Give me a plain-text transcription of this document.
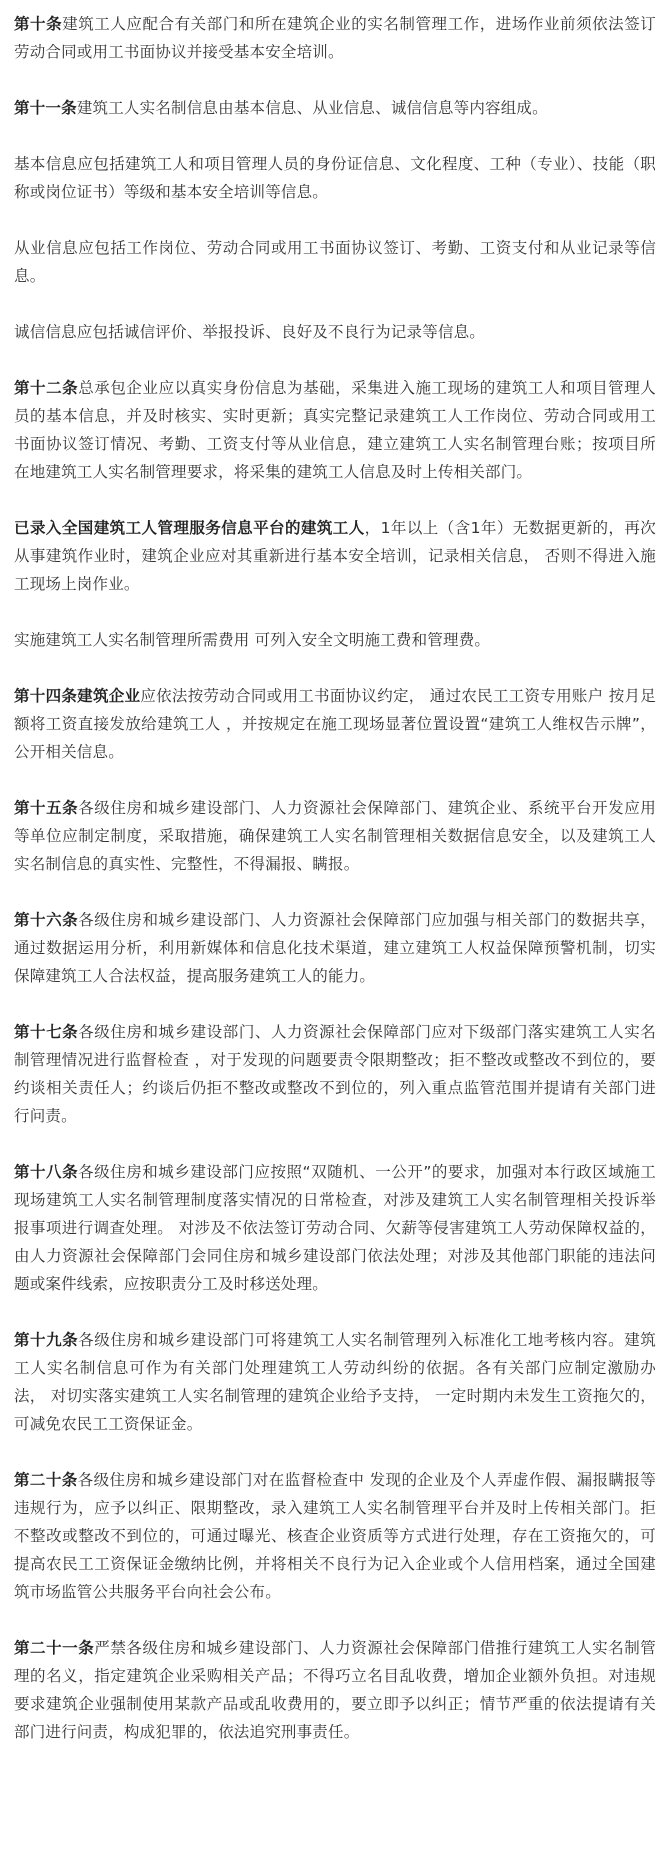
第十条建筑工人应配合有关部门和所在建筑企业的实名制管理工作，进场作业前须依法签订劳动合同或用工书面协议并接受基本安全培训。

第十一条建筑工人实名制信息由基本信息、从业信息、诚信信息等内容组成。

基本信息应包括建筑工人和项目管理人员的身份证信息、文化程度、工种（专业）、技能（职称或岗位证书）等级和基本安全培训等信息。

从业信息应包括工作岗位、劳动合同或用工书面协议签订、考勤、工资支付和从业记录等信息。

诚信信息应包括诚信评价、举报投诉、良好及不良行为记录等信息。

第十二条总承包企业应以真实身份信息为基础，采集进入施工现场的建筑工人和项目管理人员的基本信息，并及时核实、实时更新；真实完整记录建筑工人工作岗位、劳动合同或用工书面协议签订情况、考勤、工资支付等从业信息，建立建筑工人实名制管理台账；按项目所在地建筑工人实名制管理要求，将采集的建筑工人信息及时上传相关部门。

已录入全国建筑工人管理服务信息平台的建筑工人，1年以上（含1年）无数据更新的，再次从事建筑作业时，建筑企业应对其重新进行基本安全培训，记录相关信息， 否则不得进入施工现场上岗作业。

实施建筑工人实名制管理所需费用 可列入安全文明施工费和管理费。

第十四条建筑企业应依法按劳动合同或用工书面协议约定， 通过农民工工资专用账户 按月足额将工资直接发放给建筑工人 ，并按规定在施工现场显著位置设置“建筑工人维权告示牌”，公开相关信息。

第十五条各级住房和城乡建设部门、人力资源社会保障部门、建筑企业、系统平台开发应用等单位应制定制度，采取措施，确保建筑工人实名制管理相关数据信息安全，以及建筑工人实名制信息的真实性、完整性，不得漏报、瞒报。

第十六条各级住房和城乡建设部门、人力资源社会保障部门应加强与相关部门的数据共享，通过数据运用分析，利用新媒体和信息化技术渠道，建立建筑工人权益保障预警机制，切实保障建筑工人合法权益，提高服务建筑工人的能力。

第十七条各级住房和城乡建设部门、人力资源社会保障部门应对下级部门落实建筑工人实名制管理情况进行监督检查 ，对于发现的问题要责令限期整改；拒不整改或整改不到位的，要约谈相关责任人；约谈后仍拒不整改或整改不到位的，列入重点监管范围并提请有关部门进行问责。

第十八条各级住房和城乡建设部门应按照“双随机、一公开”的要求，加强对本行政区域施工现场建筑工人实名制管理制度落实情况的日常检查，对涉及建筑工人实名制管理相关投诉举报事项进行调查处理。 对涉及不依法签订劳动合同、欠薪等侵害建筑工人劳动保障权益的，由人力资源社会保障部门会同住房和城乡建设部门依法处理；对涉及其他部门职能的违法问题或案件线索，应按职责分工及时移送处理。

第十九条各级住房和城乡建设部门可将建筑工人实名制管理列入标准化工地考核内容。建筑工人实名制信息可作为有关部门处理建筑工人劳动纠纷的依据。各有关部门应制定激励办法， 对切实落实建筑工人实名制管理的建筑企业给予支持， 一定时期内未发生工资拖欠的，可减免农民工工资保证金。

第二十条各级住房和城乡建设部门对在监督检查中 发现的企业及个人弄虚作假、漏报瞒报等违规行为，应予以纠正、限期整改，录入建筑工人实名制管理平台并及时上传相关部门。拒不整改或整改不到位的，可通过曝光、核查企业资质等方式进行处理，存在工资拖欠的，可提高农民工工资保证金缴纳比例，并将相关不良行为记入企业或个人信用档案，通过全国建筑市场监管公共服务平台向社会公布。

第二十一条严禁各级住房和城乡建设部门、人力资源社会保障部门借推行建筑工人实名制管理的名义，指定建筑企业采购相关产品；不得巧立名目乱收费，增加企业额外负担。对违规要求建筑企业强制使用某款产品或乱收费用的，要立即予以纠正；情节严重的依法提请有关部门进行问责，构成犯罪的，依法追究刑事责任。
